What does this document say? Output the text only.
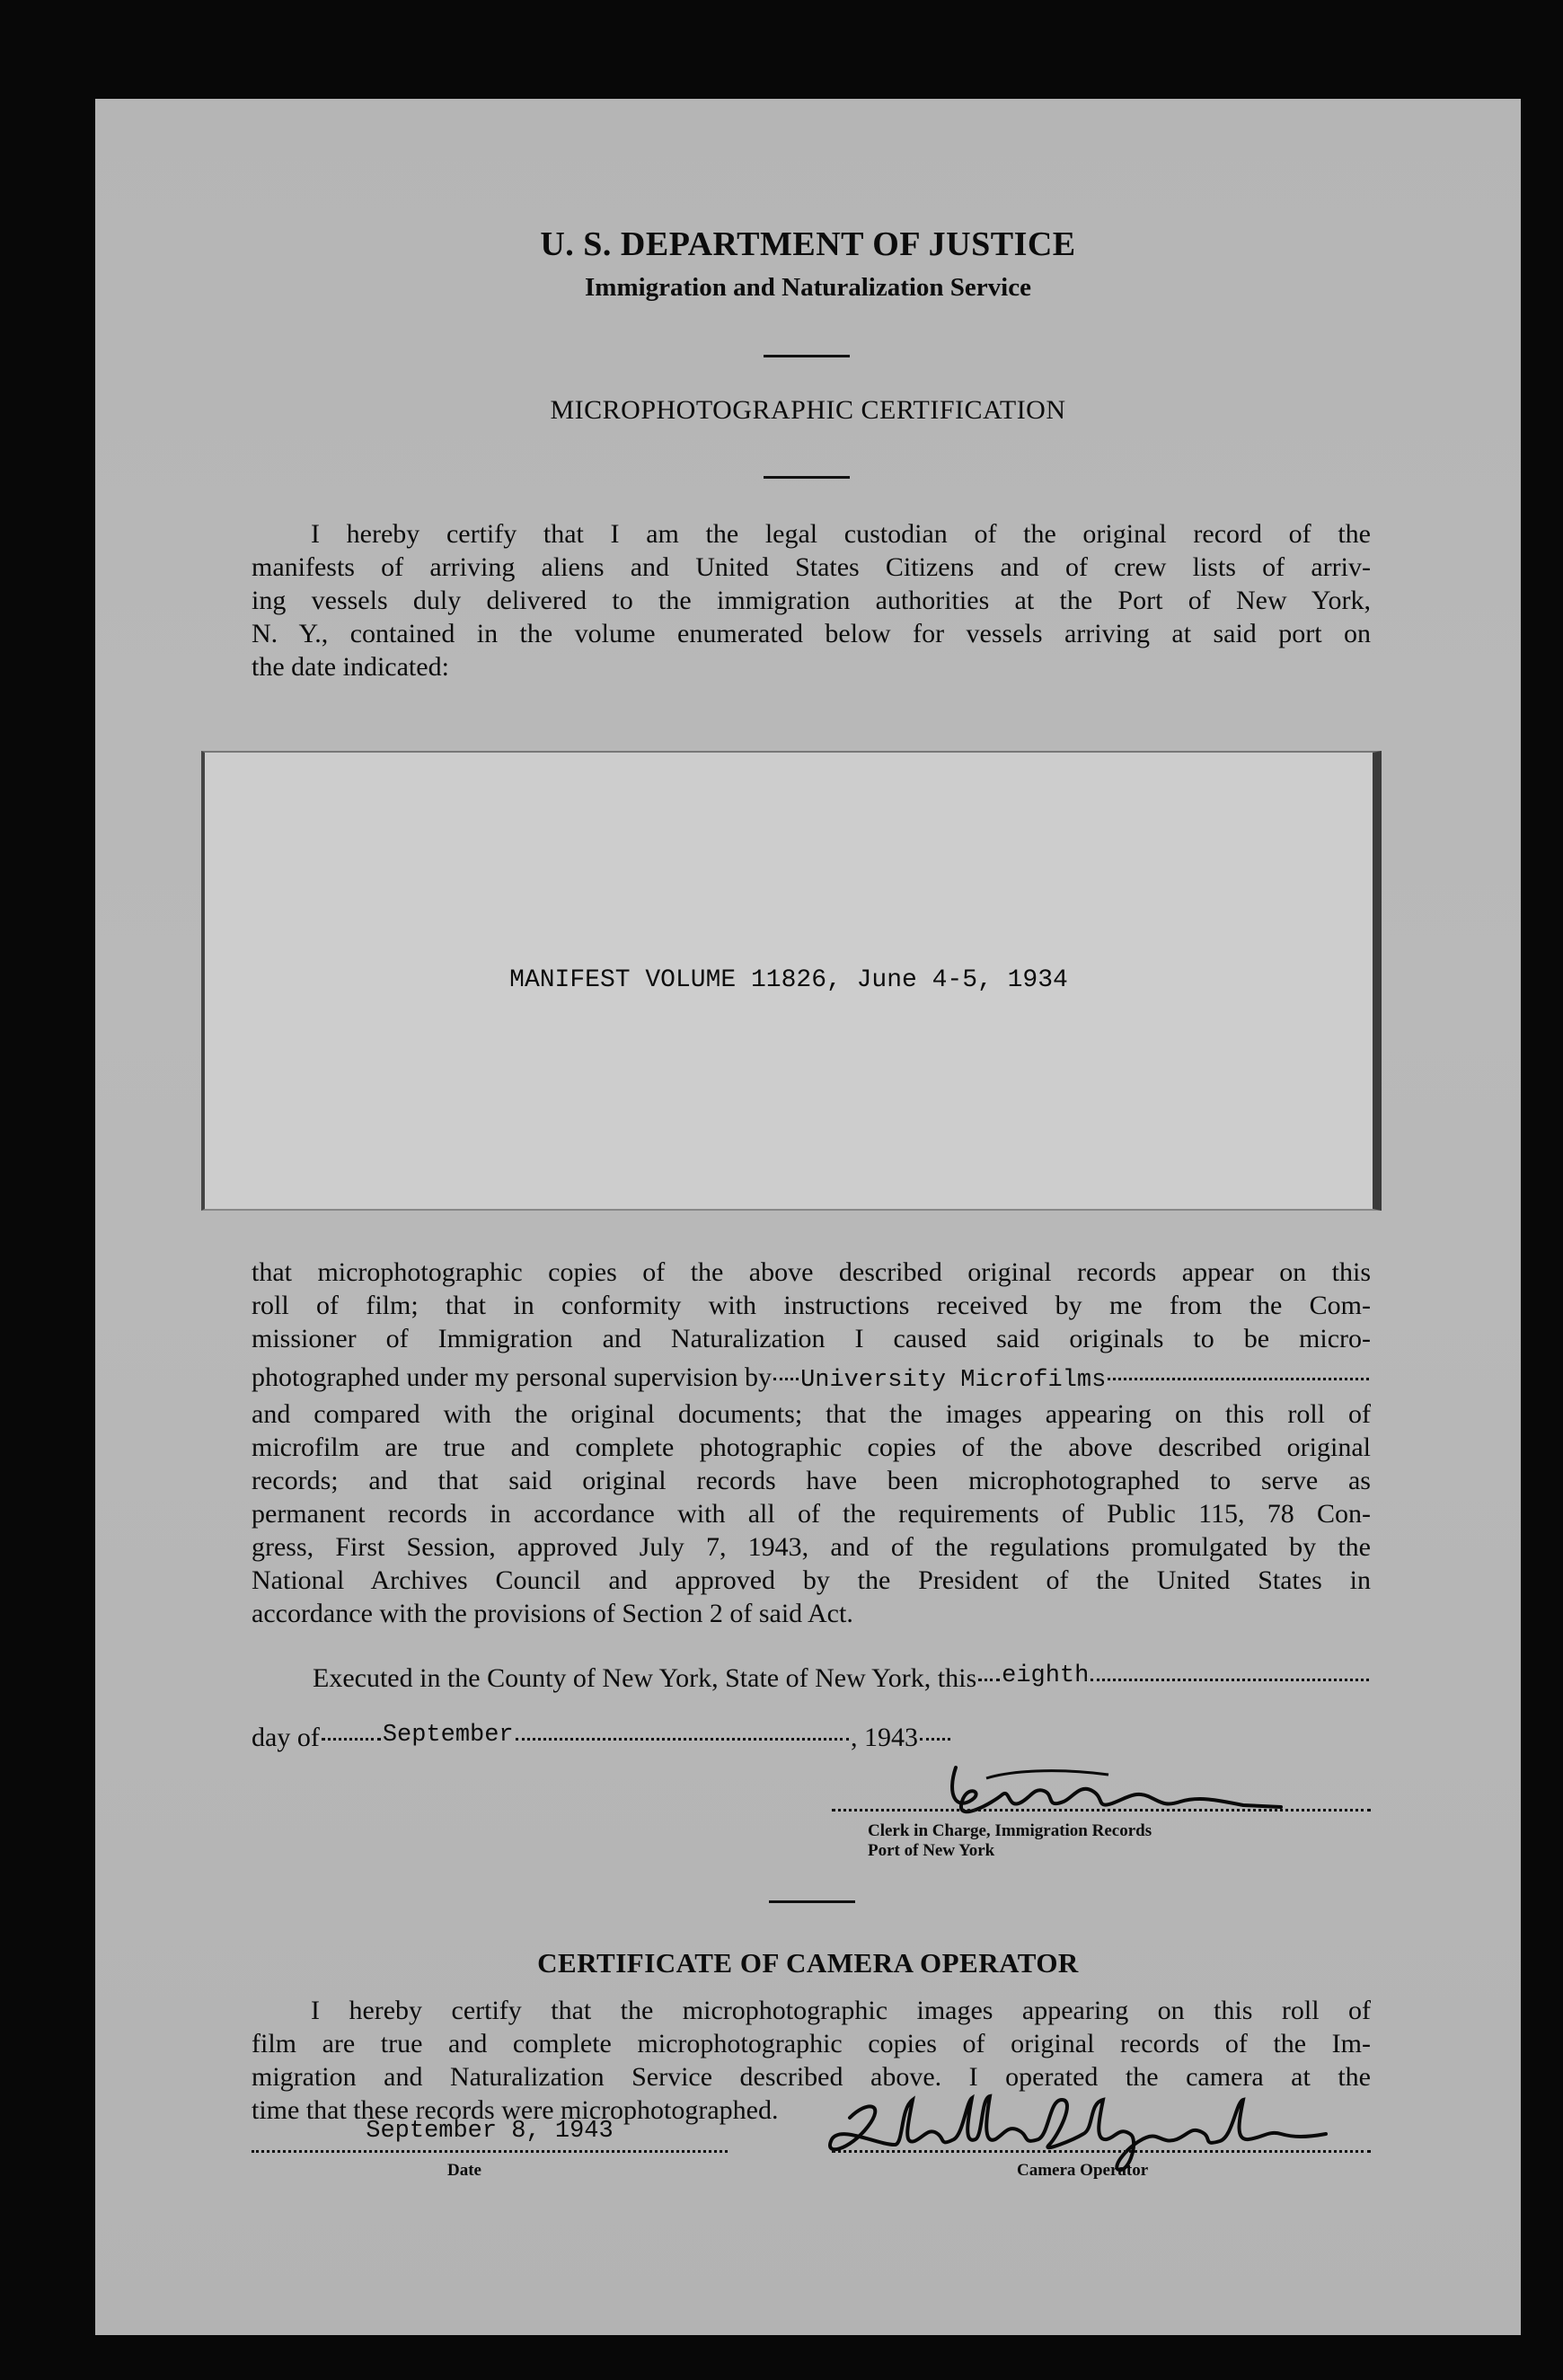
U. S. DEPARTMENT OF JUSTICE
Immigration and Naturalization Service
MICROPHOTOGRAPHIC CERTIFICATION
I hereby certify that I am the legal custodian of the original record of the
manifests of arriving aliens and United States Citizens and of crew lists of arriv-
ing vessels duly delivered to the immigration authorities at the Port of New York,
N. Y., contained in the volume enumerated below for vessels arriving at said port on
the date indicated:
MANIFEST VOLUME 11826, June 4-5, 1934
that microphotographic copies of the above described original records appear on this
roll of film; that in conformity with instructions received by me from the Com-
missioner of Immigration and Naturalization I caused said originals to be micro-
photographed under my personal supervision by University Microfilms
and compared with the original documents; that the images appearing on this roll of
microfilm are true and complete photographic copies of the above described original
records; and that said original records have been microphotographed to serve as
permanent records in accordance with all of the requirements of Public 115, 78 Con-
gress, First Session, approved July 7, 1943, and of the regulations promulgated by the
National Archives Council and approved by the President of the United States in
accordance with the provisions of Section 2 of said Act.
Executed in the County of New York, State of New York, this eighth
day of	September	, 1943
Clerk in Charge, Immigration Records
Port of New York
CERTIFICATE OF CAMERA OPERATOR
I hereby certify that the microphotographic images appearing on this roll of
film are true and complete microphotographic copies of original records of the Im-
migration and Naturalization Service described above. I operated the camera at the
time that these records were microphotographed.
September 8, 1943
Date	Camera Operator
